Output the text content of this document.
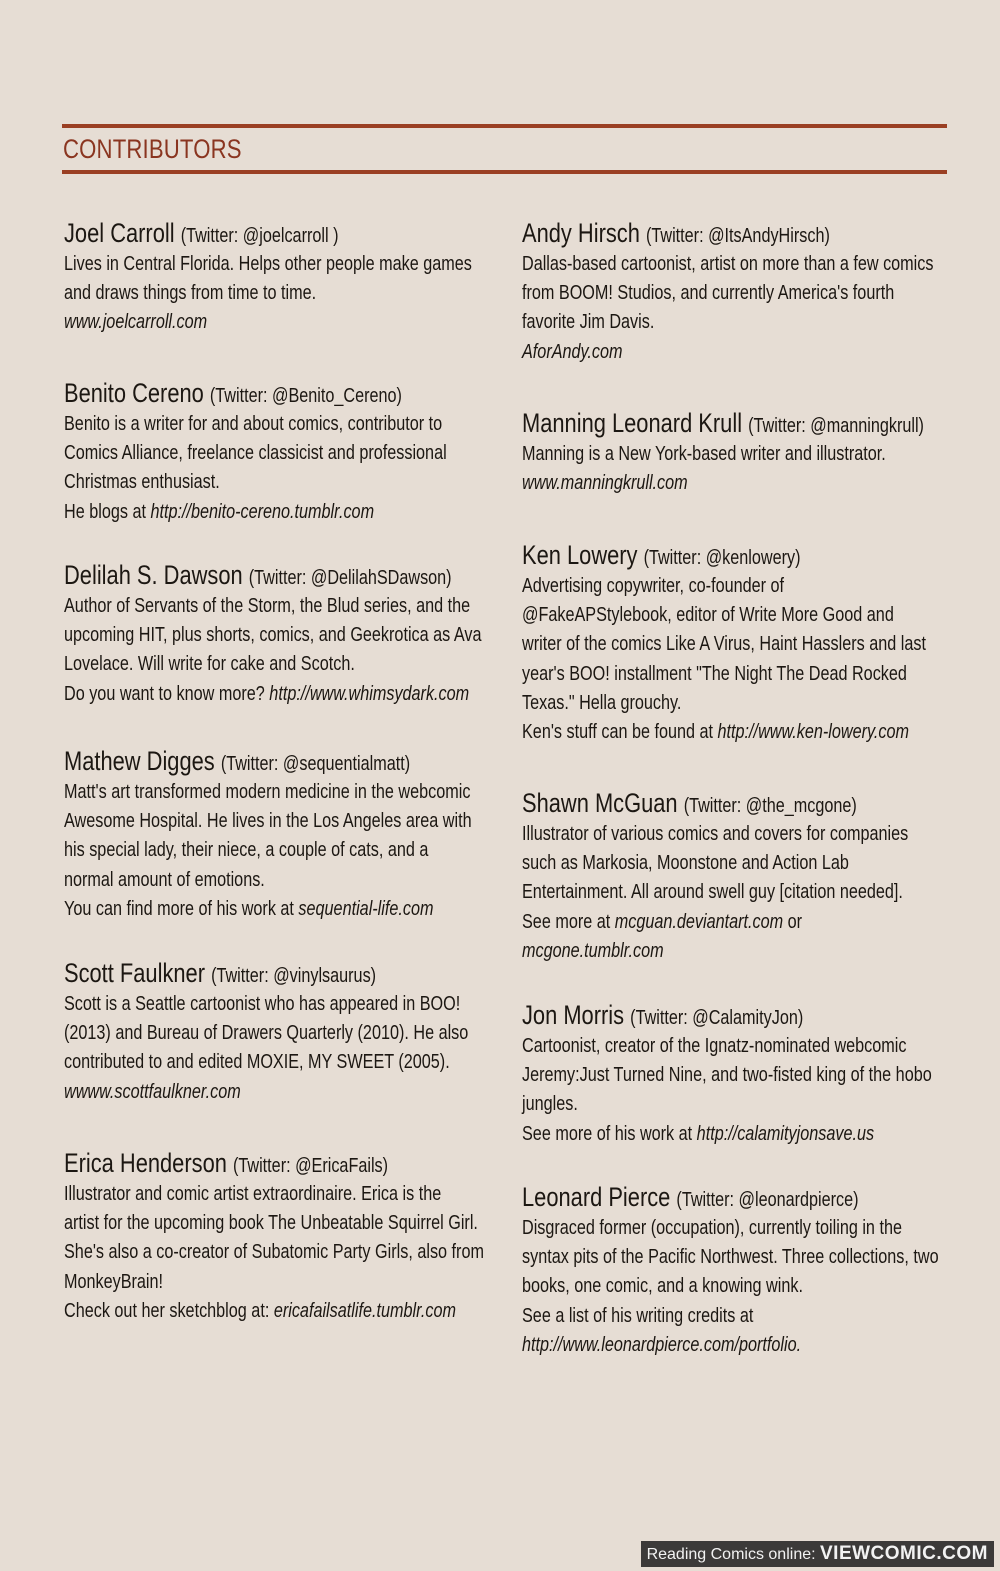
CONTRIBUTORS
Joel Carroll (Twitter: @joelcarroll )
Lives in Central Florida. Helps other people make games
and draws things from time to time.
www.joelcarroll.com
Benito Cereno (Twitter: @Benito_Cereno)
Benito is a writer for and about comics, contributor to
Comics Alliance, freelance classicist and professional
Christmas enthusiast.
He blogs at http://benito-cereno.tumblr.com
Delilah S. Dawson (Twitter: @DelilahSDawson)
Author of Servants of the Storm, the Blud series, and the
upcoming HIT, plus shorts, comics, and Geekrotica as Ava
Lovelace. Will write for cake and Scotch.
Do you want to know more? http://www.whimsydark.com
Mathew Digges (Twitter: @sequentialmatt)
Matt's art transformed modern medicine in the webcomic
Awesome Hospital. He lives in the Los Angeles area with
his special lady, their niece, a couple of cats, and a
normal amount of emotions.
You can find more of his work at sequential-life.com
Scott Faulkner (Twitter: @vinylsaurus)
Scott is a Seattle cartoonist who has appeared in BOO!
(2013) and Bureau of Drawers Quarterly (2010). He also
contributed to and edited MOXIE, MY SWEET (2005).
wwww.scottfaulkner.com
Erica Henderson (Twitter: @EricaFails)
Illustrator and comic artist extraordinaire. Erica is the
artist for the upcoming book The Unbeatable Squirrel Girl.
She's also a co-creator of Subatomic Party Girls, also from
MonkeyBrain!
Check out her sketchblog at: ericafailsatlife.tumblr.com
Andy Hirsch (Twitter: @ItsAndyHirsch)
Dallas-based cartoonist, artist on more than a few comics
from BOOM! Studios, and currently America's fourth
favorite Jim Davis.
AforAndy.com
Manning Leonard Krull (Twitter: @manningkrull)
Manning is a New York-based writer and illustrator.
www.manningkrull.com
Ken Lowery (Twitter: @kenlowery)
Advertising copywriter, co-founder of
@FakeAPStylebook, editor of Write More Good and
writer of the comics Like A Virus, Haint Hasslers and last
year's BOO! installment "The Night The Dead Rocked
Texas." Hella grouchy.
Ken's stuff can be found at http://www.ken-lowery.com
Shawn McGuan (Twitter: @the_mcgone)
Illustrator of various comics and covers for companies
such as Markosia, Moonstone and Action Lab
Entertainment. All around swell guy [citation needed].
See more at mcguan.deviantart.com or
mcgone.tumblr.com
Jon Morris (Twitter: @CalamityJon)
Cartoonist, creator of the Ignatz-nominated webcomic
Jeremy:Just Turned Nine, and two-fisted king of the hobo
jungles.
See more of his work at http://calamityjonsave.us
Leonard Pierce (Twitter: @leonardpierce)
Disgraced former (occupation), currently toiling in the
syntax pits of the Pacific Northwest. Three collections, two
books, one comic, and a knowing wink.
See a list of his writing credits at
http://www.leonardpierce.com/portfolio.
Reading Comics online: VIEWCOMIC.COM
